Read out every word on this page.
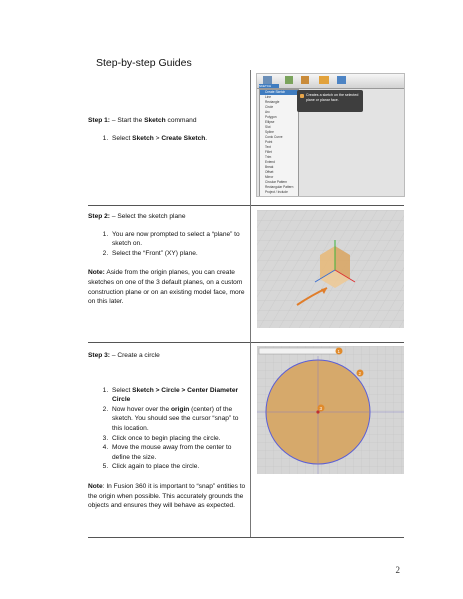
Step-by-step Guides

Step 1: – Start the Sketch command

1. Select Sketch > Create Sketch.
SKETCH
Create Sketch
Line
Rectangle
Circle
Arc
Polygon
Ellipse
Slot
Spline
Conic Curve
Point
Text
Fillet
Trim
Extend
Break
Offset
Mirror
Circular Pattern
Rectangular Pattern
Project / Include
Creates a sketch on the selected plane or planar face.

Step 2: – Select the sketch plane

1. You are now prompted to select a “plane” to sketch on.
2. Select the “Front” (XY) plane.

Note: Aside from the origin planes, you can create sketches on one of the 3 default planes, on a custom construction plane or on an existing model face, more on this later.

Step 3: – Create a circle

1. Select Sketch > Circle > Center Diameter Circle
2. Now hover over the origin (center) of the sketch. You should see the cursor “snap” to this location.
3. Click once to begin placing the circle.
4. Move the mouse away from the center to define the size.
5. Click again to place the circle.

Note: In Fusion 360 it is important to “snap” entities to the origin when possible. This accurately grounds the objects and ensures they will behave as expected.

1
2
3
2
